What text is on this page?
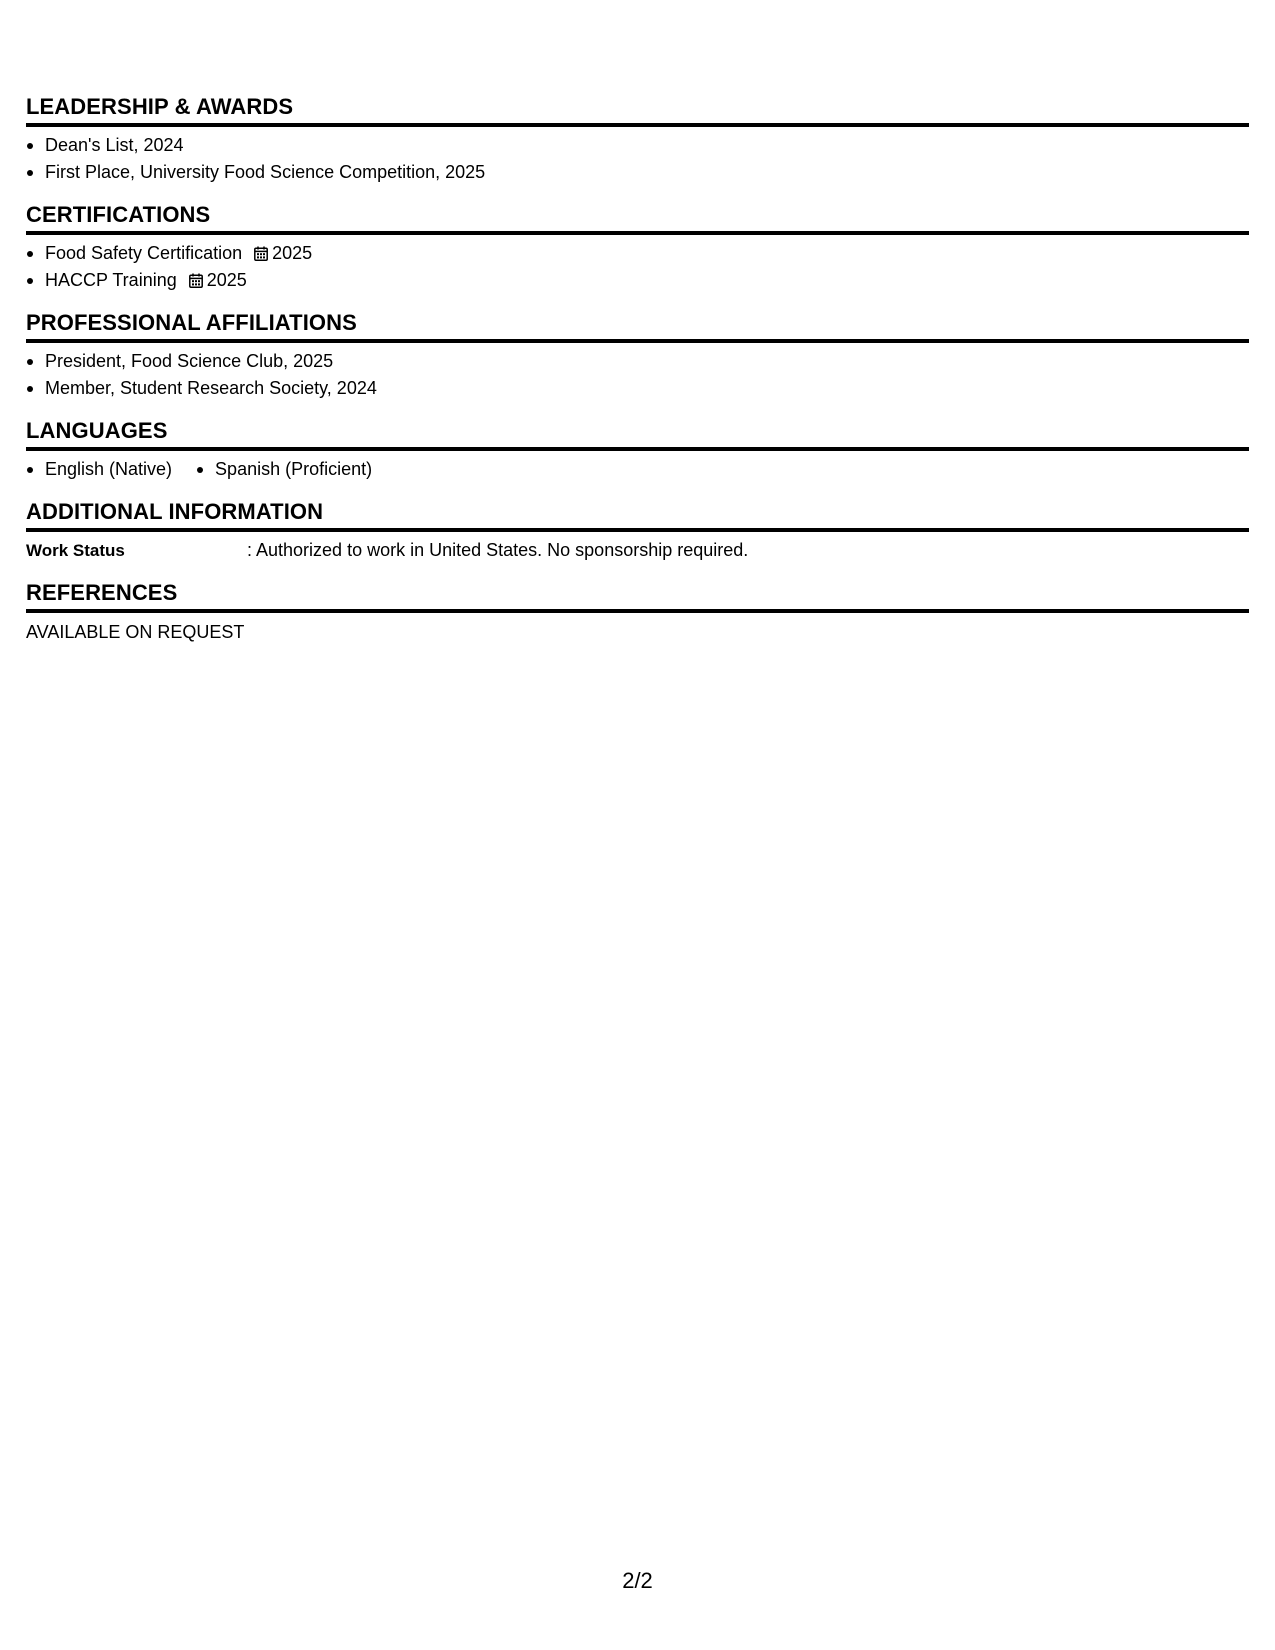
LEADERSHIP & AWARDS
Dean's List, 2024
First Place, University Food Science Competition, 2025
CERTIFICATIONS
Food Safety Certification 2025
HACCP Training 2025
PROFESSIONAL AFFILIATIONS
President, Food Science Club, 2025
Member, Student Research Society, 2024
LANGUAGES
English (Native)	Spanish (Proficient)
ADDITIONAL INFORMATION
Work Status	: Authorized to work in United States. No sponsorship required.
REFERENCES
AVAILABLE ON REQUEST
2/2
